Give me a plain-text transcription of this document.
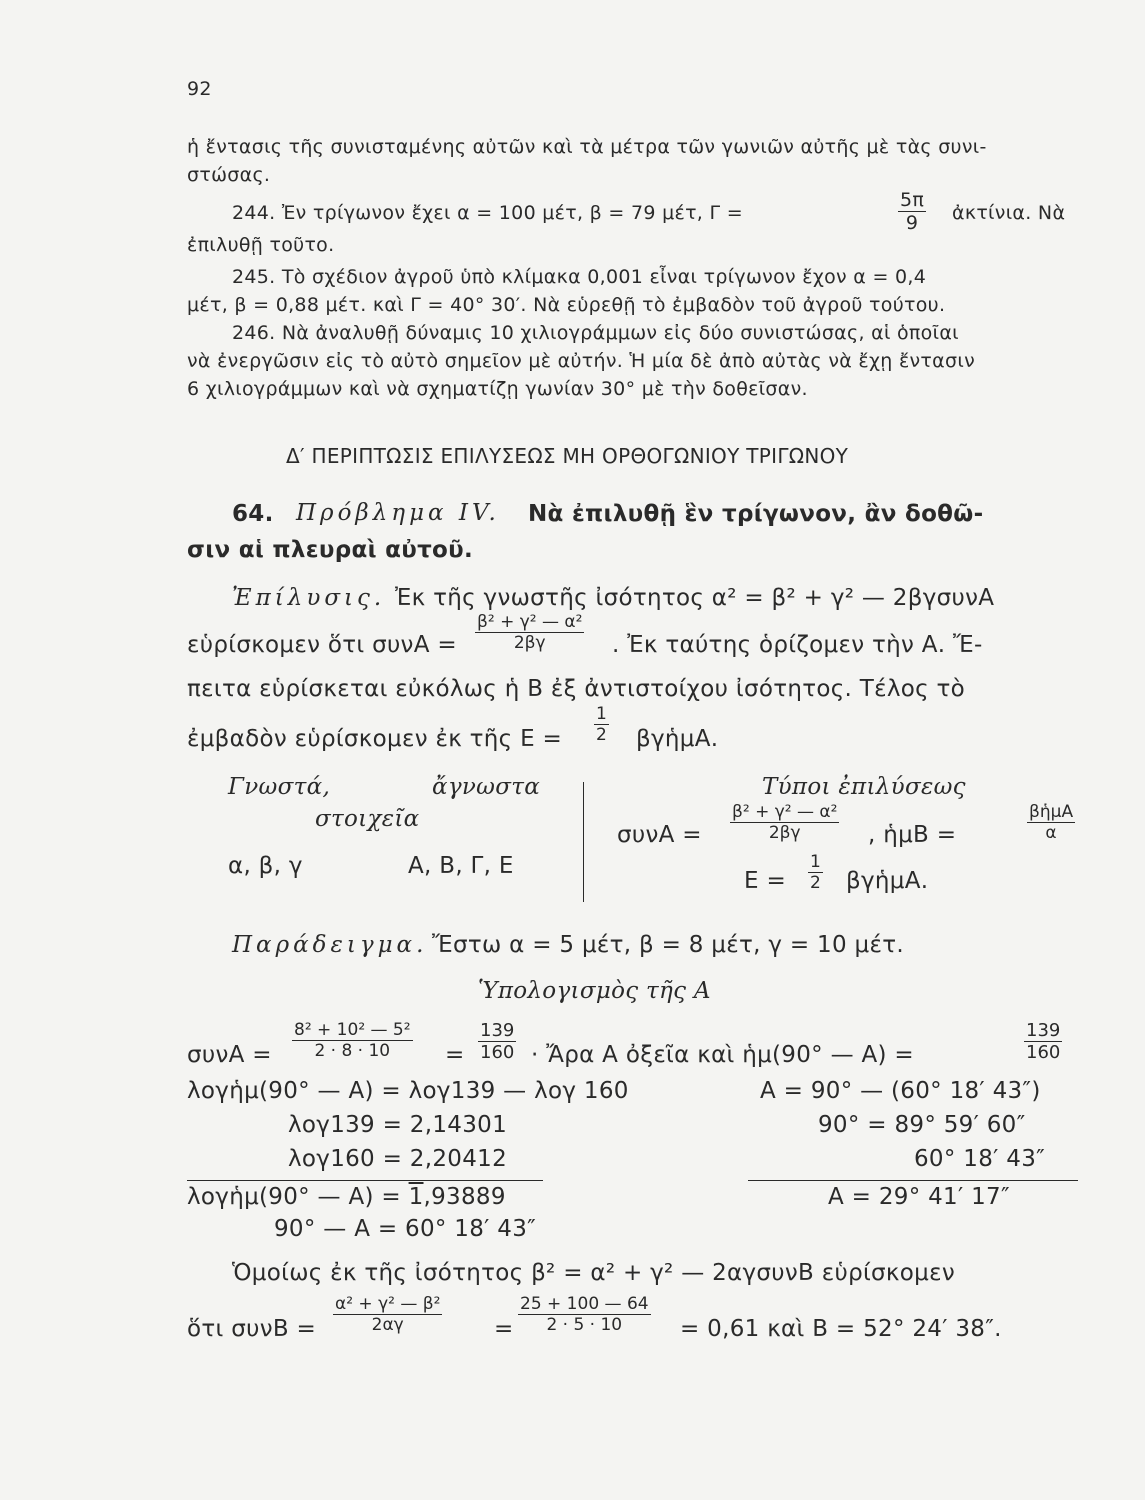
92
ἡ ἔντασις τῆς συνισταμένης αὐτῶν καὶ τὰ μέτρα τῶν γωνιῶν αὐτῆς μὲ τὰς συνι-
στώσας.
244. Ἐν τρίγωνον ἔχει α = 100 μέτ, β = 79 μέτ, Γ =	$\frac{5\pi}{9}$ ἀκτίνια. Νὰ
ἐπιλυθῇ τοῦτο.
245. Τὸ σχέδιον ἀγροῦ ὑπὸ κλίμακα 0,001 εἶναι τρίγωνον ἔχον α = 0,4
μέτ, β = 0,88 μέτ. καὶ Γ = 40° 30′. Νὰ εὑρεθῇ τὸ ἐμβαδὸν τοῦ ἀγροῦ τούτου.
246. Νὰ ἀναλυθῇ δύναμις 10 χιλιογράμμων εἰς δύο συνιστώσας, αἱ ὁποῖαι
νὰ ἐνεργῶσιν εἰς τὸ αὐτὸ σημεῖον μὲ αὐτήν. Ἡ μία δὲ ἀπὸ αὐτὰς νὰ ἔχῃ ἔντασιν
6 χιλιογράμμων καὶ νὰ σχηματίζῃ γωνίαν 30° μὲ τὴν δοθεῖσαν.
Δ′ ΠΕΡΙΠΤΩΣΙΣ ΕΠΙΛΥΣΕΩΣ ΜΗ ΟΡΘΟΓΩΝΙΟΥ ΤΡΙΓΩΝΟΥ
64. Πρόβλημα IV. Νὰ ἐπιλυθῇ ἓν τρίγωνον, ἂν δοθῶ-
σιν αἱ πλευραὶ αὐτοῦ.
Ἐπίλυσις. Ἐκ τῆς γνωστῆς ἰσότητος α² = β² + γ² — 2βγσυνΑ
εὑρίσκομεν ὅτι $\sigma\upsilon\nu A = \frac{\text{β² + γ² — α²}}{2\beta\gamma}$ . Ἐκ ταύτης ὁρίζομεν τὴν Α. Ἔ-
πειτα εὑρίσκεται εὐκόλως ἡ Β ἐξ ἀντιστοίχου ἰσότητος. Τέλος τὸ
ἐμβαδὸν εὑρίσκομεν ἐκ τῆς $E = \frac{1}{2}$ βγἡμΑ.
Γνωστά,	ἄγνωστα
στοιχεῖα
α, β, γ	Α, Β, Γ, Ε
Τύποι ἐπιλύσεως
$\sigma\upsilon\nu A = \frac{\text{β² + γ² — α²}}{2\beta\gamma}$ , ἡμΒ =
βἡμΑ
α
$E = \frac{1}{2}$ βγἡμΑ.
Παράδειγμα. Ἔστω α = 5 μέτ, β = 8 μέτ, γ = 10 μέτ.
Ὑπολογισμὸς τῆς Α
$\sigma\upsilon\nu A = \frac{\text{8² + 10² — 5²}}{2 \cdot 8 \cdot 10} = \frac{139}{160}$ · Ἄρα Α ὀξεῖα καὶ ἡμ(90° — Α) =	$\frac{139}{160}$
λογἡμ(90° — Α) = λογ139 — λογ 160
λογ139 = 2,14301
λογ160 = 2,20412
λογἡμ(90° — Α) = 1,93889
90° — Α = 60° 18′ 43″
Α = 90° — (60° 18′ 43″)
90° = 89° 59′ 60″
60° 18′ 43″
Α = 29° 41′ 17″
Ὁμοίως ἐκ τῆς ἰσότητος β² = α² + γ² — 2αγσυνΒ εὑρίσκομεν
ὅτι $\sigma\upsilon\nu B = \frac{\text{α² + γ² — β²}}{2\alpha\gamma} = \frac{25 + 100 — 64}{2 \cdot 5 \cdot 10} = 0,61$ καὶ Β = 52° 24′ 38″.
